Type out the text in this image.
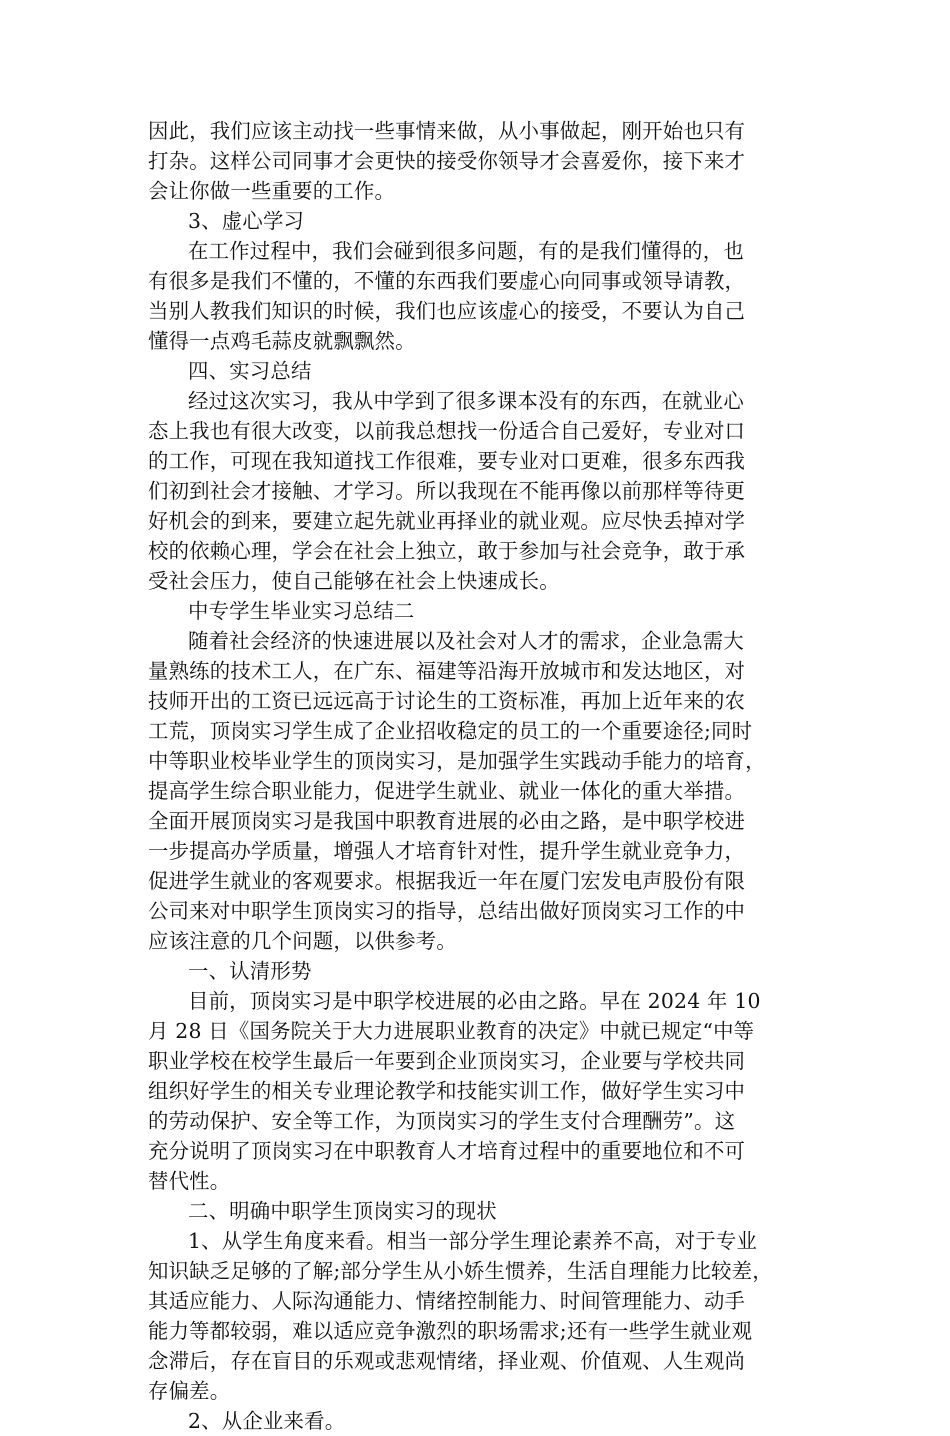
因此，我们应该主动找一些事情来做，从小事做起，刚开始也只有
打杂。这样公司同事才会更快的接受你领导才会喜爱你，接下来才
会让你做一些重要的工作。
3、虚心学习
在工作过程中，我们会碰到很多问题，有的是我们懂得的，也
有很多是我们不懂的，不懂的东西我们要虚心向同事或领导请教，
当别人教我们知识的时候，我们也应该虚心的接受，不要认为自己
懂得一点鸡毛蒜皮就飘飘然。
四、实习总结
经过这次实习，我从中学到了很多课本没有的东西，在就业心
态上我也有很大改变，以前我总想找一份适合自己爱好，专业对口
的工作，可现在我知道找工作很难，要专业对口更难，很多东西我
们初到社会才接触、才学习。所以我现在不能再像以前那样等待更
好机会的到来，要建立起先就业再择业的就业观。应尽快丢掉对学
校的依赖心理，学会在社会上独立，敢于参加与社会竞争，敢于承
受社会压力，使自己能够在社会上快速成长。
中专学生毕业实习总结二
随着社会经济的快速进展以及社会对人才的需求，企业急需大
量熟练的技术工人，在广东、福建等沿海开放城市和发达地区，对
技师开出的工资已远远高于讨论生的工资标准，再加上近年来的农
工荒，顶岗实习学生成了企业招收稳定的员工的一个重要途径;同时
中等职业校毕业学生的顶岗实习，是加强学生实践动手能力的培育，
提高学生综合职业能力，促进学生就业、就业一体化的重大举措。
全面开展顶岗实习是我国中职教育进展的必由之路，是中职学校进
一步提高办学质量，增强人才培育针对性，提升学生就业竞争力，
促进学生就业的客观要求。根据我近一年在厦门宏发电声股份有限
公司来对中职学生顶岗实习的指导，总结出做好顶岗实习工作的中
应该注意的几个问题，以供参考。
一、认清形势
目前，顶岗实习是中职学校进展的必由之路。早在 2024 年 10
月 28 日《国务院关于大力进展职业教育的决定》中就已规定“中等
职业学校在校学生最后一年要到企业顶岗实习，企业要与学校共同
组织好学生的相关专业理论教学和技能实训工作，做好学生实习中
的劳动保护、安全等工作，为顶岗实习的学生支付合理酬劳”。这
充分说明了顶岗实习在中职教育人才培育过程中的重要地位和不可
替代性。
二、明确中职学生顶岗实习的现状
1、从学生角度来看。相当一部分学生理论素养不高，对于专业
知识缺乏足够的了解;部分学生从小娇生惯养，生活自理能力比较差，
其适应能力、人际沟通能力、情绪控制能力、时间管理能力、动手
能力等都较弱，难以适应竞争激烈的职场需求;还有一些学生就业观
念滞后，存在盲目的乐观或悲观情绪，择业观、价值观、人生观尚
存偏差。
2、从企业来看。
